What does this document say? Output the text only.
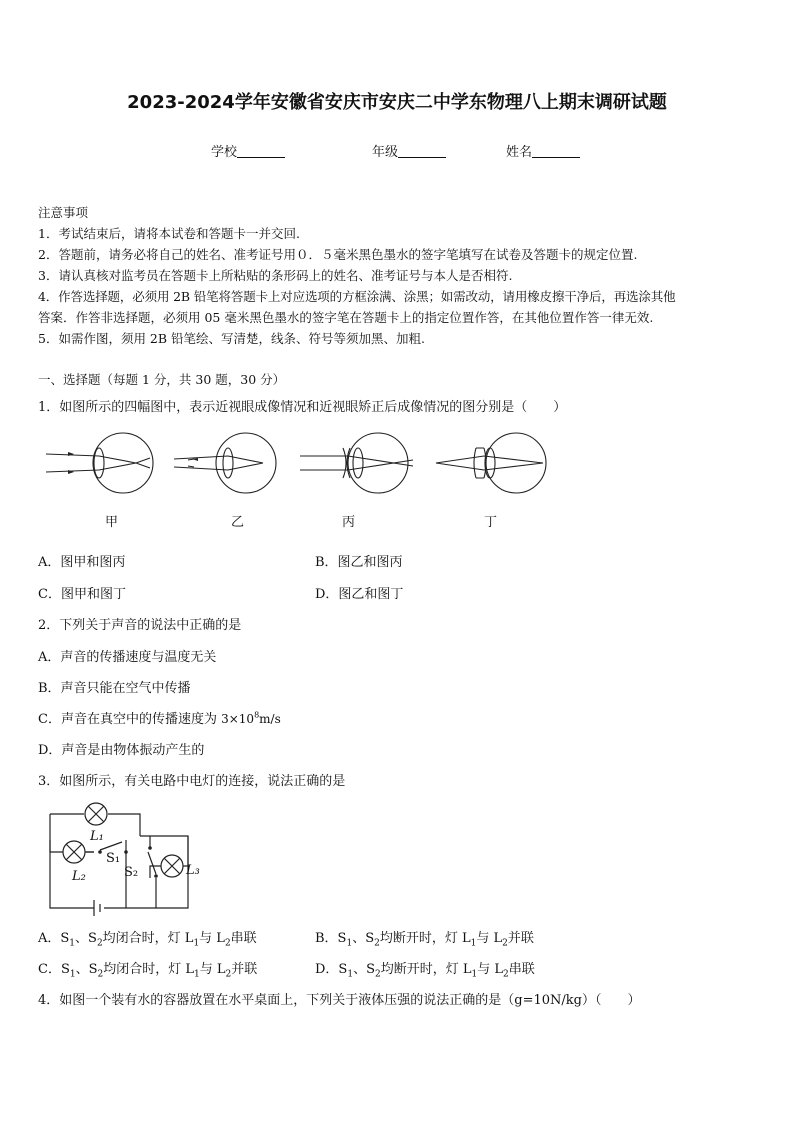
2023-2024学年安徽省安庆市安庆二中学东物理八上期末调研试题
学校	年级	姓名
注意事项
1．考试结束后，请将本试卷和答题卡一并交回.
2．答题前，请务必将自己的姓名、准考证号用０．５毫米黑色墨水的签字笔填写在试卷及答题卡的规定位置.
3．请认真核对监考员在答题卡上所粘贴的条形码上的姓名、准考证号与本人是否相符.
4．作答选择题，必须用 2B 铅笔将答题卡上对应选项的方框涂满、涂黑；如需改动，请用橡皮擦干净后，再选涂其他
答案．作答非选择题，必须用 05 毫米黑色墨水的签字笔在答题卡上的指定位置作答，在其他位置作答一律无效.
5．如需作图，须用 2B 铅笔绘、写清楚，线条、符号等须加黑、加粗.
一、选择题（每题 1 分，共 30 题，30 分）
1．如图所示的四幅图中，表示近视眼成像情况和近视眼矫正后成像情况的图分别是（　　）
甲	乙	丙	丁
A．图甲和图丙	B．图乙和图丙
C．图甲和图丁	D．图乙和图丁
2．下列关于声音的说法中正确的是
A．声音的传播速度与温度无关
B．声音只能在空气中传播
C．声音在真空中的传播速度为 $3\times 10^8m/s$
D．声音是由物体振动产生的
3．如图所示，有关电路中电灯的连接，说法正确的是
L₁
L₂	L₃
S₁
S₂
A．$S_1$、$S_2$均闭合时，灯 $L_1$与 $L_2$串联	B．$S_1$、$S_2$均断开时，灯 $L_1$与 $L_2$并联
C．$S_1$、$S_2$均闭合时，灯 $L_1$与 $L_2$并联	D．$S_1$、$S_2$均断开时，灯 $L_1$与 $L_2$串联
4．如图一个装有水的容器放置在水平桌面上，下列关于液体压强的说法正确的是（g=10N/kg）（　　）
